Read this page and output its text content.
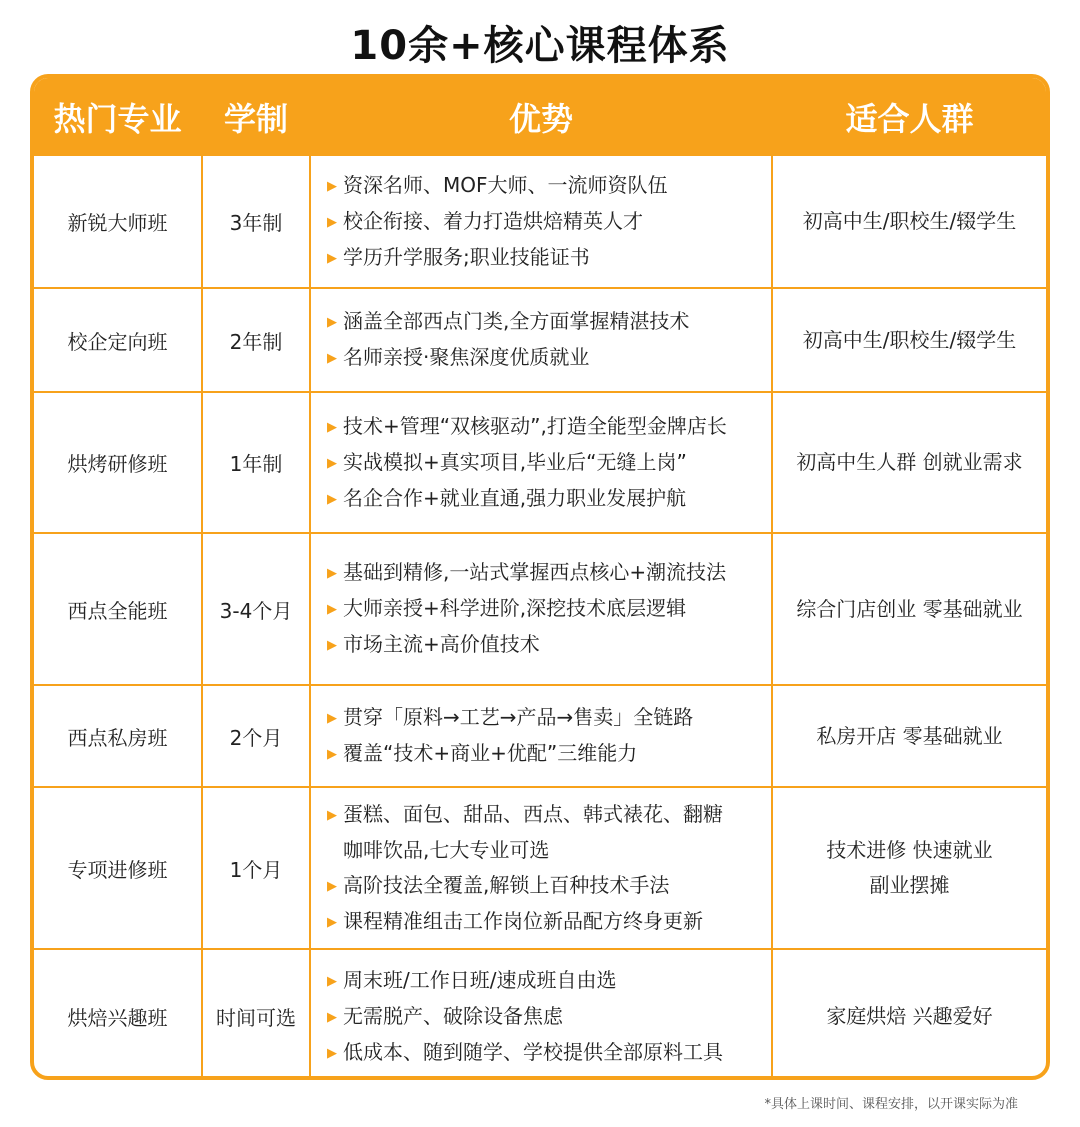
10余+核心课程体系
热门专业	学制	优势	适合人群
新锐大师班	3年制	▶ 资深名师、MOF大师、一流师资队伍
▶ 校企衔接、着力打造烘焙精英人才
▶ 学历升学服务;职业技能证书	初高中生/职校生/辍学生

校企定向班	2年制	▶ 涵盖全部西点门类,全方面掌握精湛技术
▶ 名师亲授·聚焦深度优质就业	初高中生/职校生/辍学生

烘烤研修班	1年制	▶ 技术+管理“双核驱动”,打造全能型金牌店长
▶ 实战模拟+真实项目,毕业后“无缝上岗”
▶ 名企合作+就业直通,强力职业发展护航	初高中生人群 创就业需求

西点全能班	3-4个月	▶ 基础到精修,一站式掌握西点核心+潮流技法
▶ 大师亲授+科学进阶,深挖技术底层逻辑
▶ 市场主流+高价值技术	综合门店创业 零基础就业

西点私房班	2个月	▶ 贯穿「原料→工艺→产品→售卖」全链路
▶ 覆盖“技术+商业+优配”三维能力	私房开店 零基础就业

专项进修班	1个月	▶ 蛋糕、面包、甜品、西点、韩式裱花、翻糖
咖啡饮品,七大专业可选
▶ 高阶技法全覆盖,解锁上百种技术手法
▶ 课程精准组击工作岗位新品配方终身更新	技术进修 快速就业
副业摆摊

烘焙兴趣班	时间可选	▶ 周末班/工作日班/速成班自由选
▶ 无需脱产、破除设备焦虑
▶ 低成本、随到随学、学校提供全部原料工具	家庭烘焙 兴趣爱好
*具体上课时间、课程安排，以开课实际为准
